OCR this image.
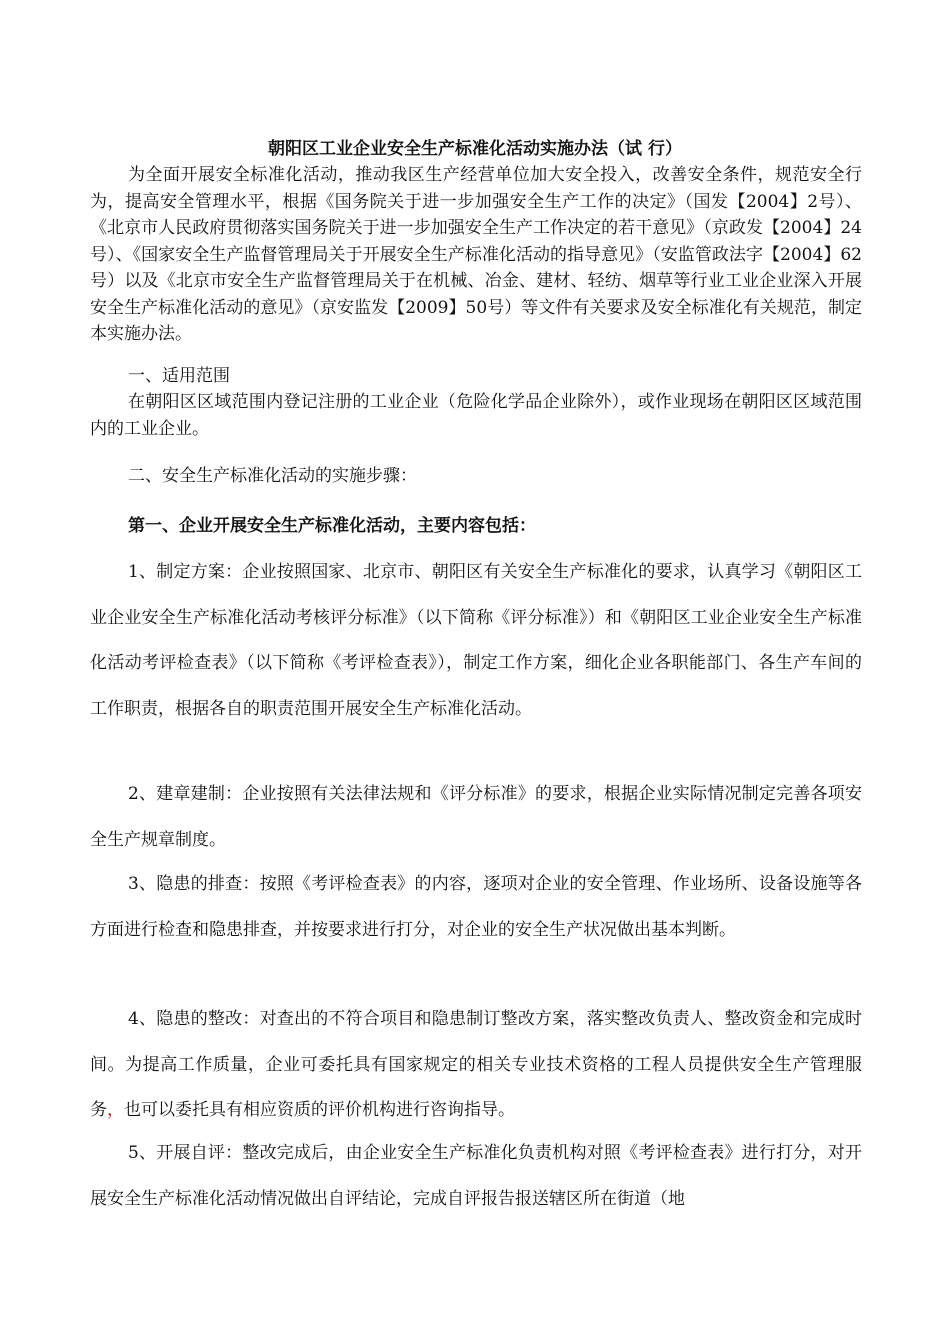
朝阳区工业企业安全生产标准化活动实施办法（试 行）

为全面开展安全标准化活动，推动我区生产经营单位加大安全投入，改善安全条件，规范安全行为，提高安全管理水平，根据《国务院关于进一步加强安全生产工作的决定》（国发【2004】2号）、《北京市人民政府贯彻落实国务院关于进一步加强安全生产工作决定的若干意见》（京政发【2004】24号）、《国家安全生产监督管理局关于开展安全生产标准化活动的指导意见》（安监管政法字【2004】62号）以及《北京市安全生产监督管理局关于在机械、冶金、建材、轻纺、烟草等行业工业企业深入开展安全生产标准化活动的意见》（京安监发【2009】50号）等文件有关要求及安全标准化有关规范，制定本实施办法。

一、适用范围

在朝阳区区域范围内登记注册的工业企业（危险化学品企业除外），或作业现场在朝阳区区域范围内的工业企业。

二、安全生产标准化活动的实施步骤：

第一、企业开展安全生产标准化活动，主要内容包括：

1、制定方案：企业按照国家、北京市、朝阳区有关安全生产标准化的要求，认真学习《朝阳区工业企业安全生产标准化活动考核评分标准》（以下简称《评分标准》）和《朝阳区工业企业安全生产标准化活动考评检查表》（以下简称《考评检查表》），制定工作方案，细化企业各职能部门、各生产车间的工作职责，根据各自的职责范围开展安全生产标准化活动。

2、建章建制：企业按照有关法律法规和《评分标准》的要求，根据企业实际情况制定完善各项安全生产规章制度。

3、隐患的排查：按照《考评检查表》的内容，逐项对企业的安全管理、作业场所、设备设施等各方面进行检查和隐患排查，并按要求进行打分，对企业的安全生产状况做出基本判断。

4、隐患的整改：对查出的不符合项目和隐患制订整改方案，落实整改负责人、整改资金和完成时间。为提高工作质量，企业可委托具有国家规定的相关专业技术资格的工程人员提供安全生产管理服务，也可以委托具有相应资质的评价机构进行咨询指导。

5、开展自评：整改完成后，由企业安全生产标准化负责机构对照《考评检查表》进行打分，对开展安全生产标准化活动情况做出自评结论，完成自评报告报送辖区所在街道（地
